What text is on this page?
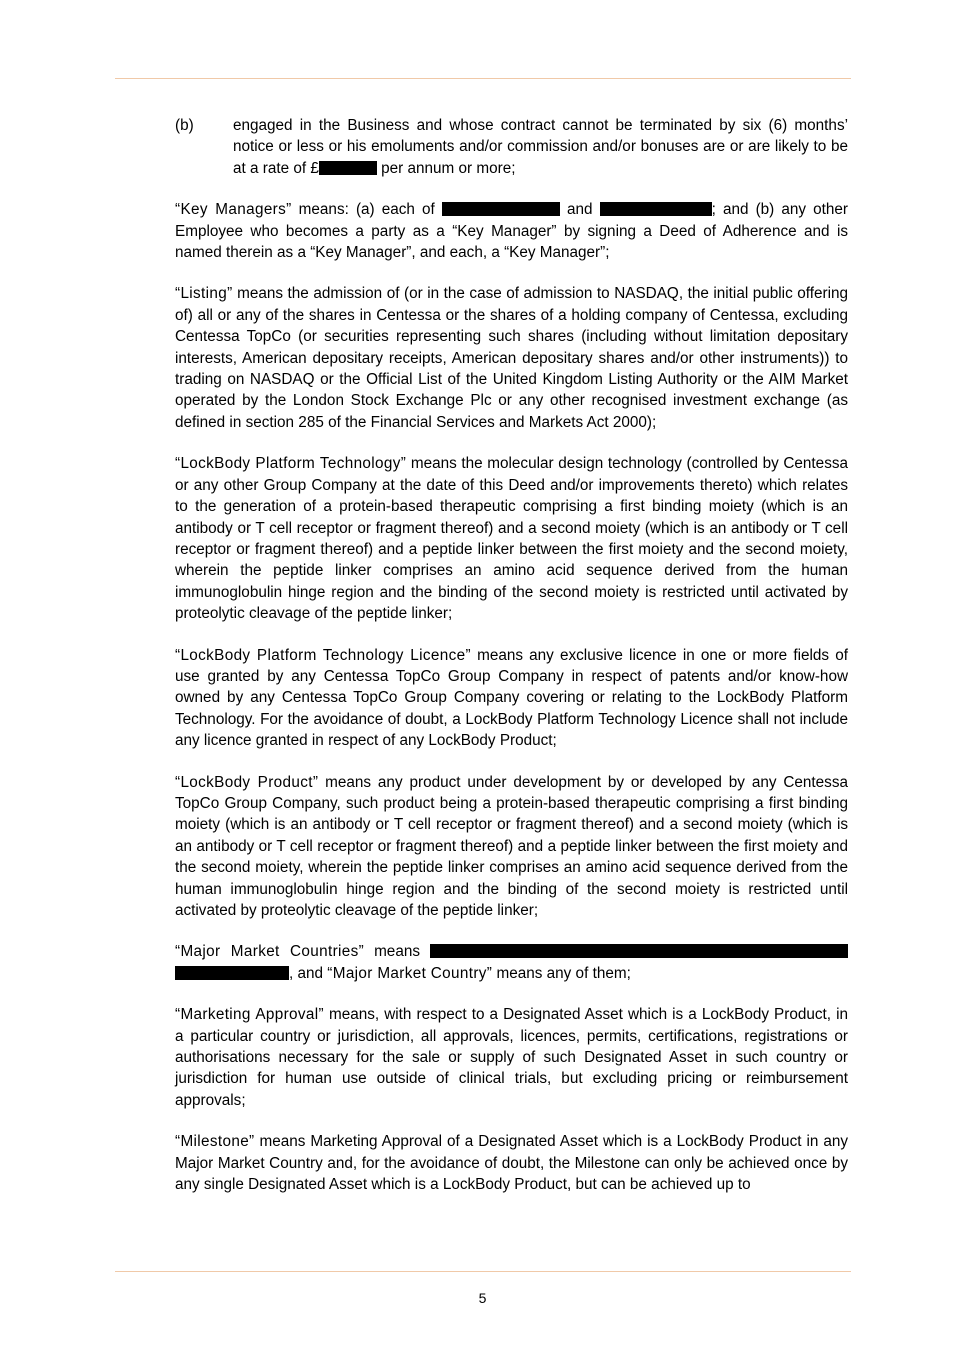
(b)	engaged in the Business and whose contract cannot be terminated by six (6) months’ notice or less or his emoluments and/or commission and/or bonuses are or are likely to be at a rate of £	per annum or more;

“Key Managers” means: (a) each of	and	; and (b) any other Employee who becomes a party as a “Key Manager” by signing a Deed of Adherence and is named therein as a “Key Manager”, and each, a “Key Manager”;

“Listing” means the admission of (or in the case of admission to NASDAQ, the initial public offering of) all or any of the shares in Centessa or the shares of a holding company of Centessa, excluding Centessa TopCo (or securities representing such shares (including without limitation depositary interests, American depositary receipts, American depositary shares and/or other instruments)) to trading on NASDAQ or the Official List of the United Kingdom Listing Authority or the AIM Market operated by the London Stock Exchange Plc or any other recognised investment exchange (as defined in section 285 of the Financial Services and Markets Act 2000);

“LockBody Platform Technology” means the molecular design technology (controlled by Centessa or any other Group Company at the date of this Deed and/or improvements thereto) which relates to the generation of a protein-based therapeutic comprising a first binding moiety (which is an antibody or T cell receptor or fragment thereof) and a second moiety (which is an antibody or T cell receptor or fragment thereof) and a peptide linker between the first moiety and the second moiety, wherein the peptide linker comprises an amino acid sequence derived from the human immunoglobulin hinge region and the binding of the second moiety is restricted until activated by proteolytic cleavage of the peptide linker;

“LockBody Platform Technology Licence” means any exclusive licence in one or more fields of use granted by any Centessa TopCo Group Company in respect of patents and/or know-how owned by any Centessa TopCo Group Company covering or relating to the LockBody Platform Technology. For the avoidance of doubt, a LockBody Platform Technology Licence shall not include any licence granted in respect of any LockBody Product;

“LockBody Product” means any product under development by or developed by any Centessa TopCo Group Company, such product being a protein-based therapeutic comprising a first binding moiety (which is an antibody or T cell receptor or fragment thereof) and a second moiety (which is an antibody or T cell receptor or fragment thereof) and a peptide linker between the first moiety and the second moiety, wherein the peptide linker comprises an amino acid sequence derived from the human immunoglobulin hinge region and the binding of the second moiety is restricted until activated by proteolytic cleavage of the peptide linker;

“Major Market Countries” means  , and “Major Market Country” means any of them;

“Marketing Approval” means, with respect to a Designated Asset which is a LockBody Product, in a particular country or jurisdiction, all approvals, licences, permits, certifications, registrations or authorisations necessary for the sale or supply of such Designated Asset in such country or jurisdiction for human use outside of clinical trials, but excluding pricing or reimbursement approvals;

“Milestone” means Marketing Approval of a Designated Asset which is a LockBody Product in any Major Market Country and, for the avoidance of doubt, the Milestone can only be achieved once by any single Designated Asset which is a LockBody Product, but can be achieved up to

5
